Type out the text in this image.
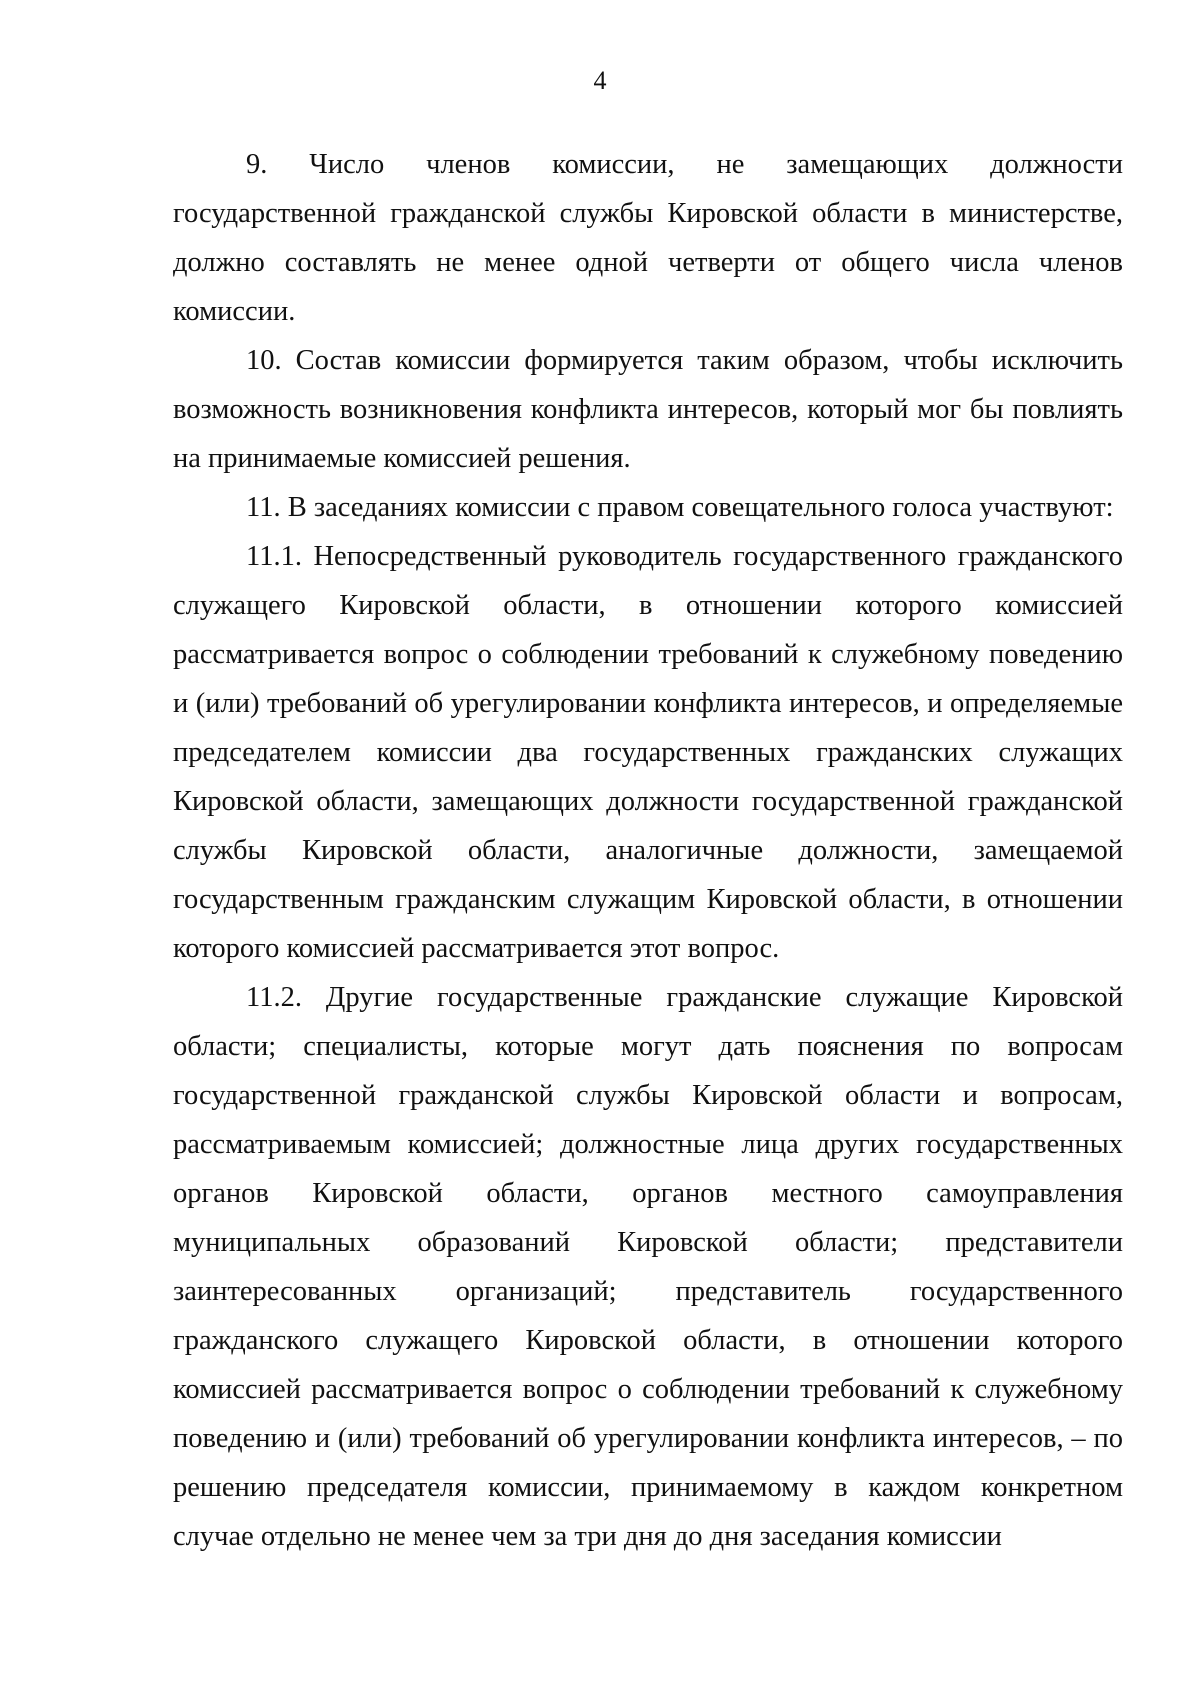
4

9. Число членов комиссии, не замещающих должности государственной гражданской службы Кировской области в министерстве, должно составлять не менее одной четверти от общего числа членов комиссии.

10. Состав комиссии формируется таким образом, чтобы исключить возможность возникновения конфликта интересов, который мог бы повлиять на принимаемые комиссией решения.

11. В заседаниях комиссии с правом совещательного голоса участвуют:

11.1. Непосредственный руководитель государственного гражданского служащего Кировской области, в отношении которого комиссией рассматривается вопрос о соблюдении требований к служебному поведению и (или) требований об урегулировании конфликта интересов, и определяемые председателем комиссии два государственных гражданских служащих Кировской области, замещающих должности государственной гражданской службы Кировской области, аналогичные должности, замещаемой государственным гражданским служащим Кировской области, в отношении которого комиссией рассматривается этот вопрос.

11.2. Другие государственные гражданские служащие Кировской области; специалисты, которые могут дать пояснения по вопросам государственной гражданской службы Кировской области и вопросам, рассматриваемым комиссией; должностные лица других государственных органов Кировской области, органов местного самоуправления муниципальных образований Кировской области; представители заинтересованных организаций; представитель государственного гражданского служащего Кировской области, в отношении которого комиссией рассматривается вопрос о соблюдении требований к служебному поведению и (или) требований об урегулировании конфликта интересов, – по решению председателя комиссии, принимаемому в каждом конкретном случае отдельно не менее чем за три дня до дня заседания комиссии
